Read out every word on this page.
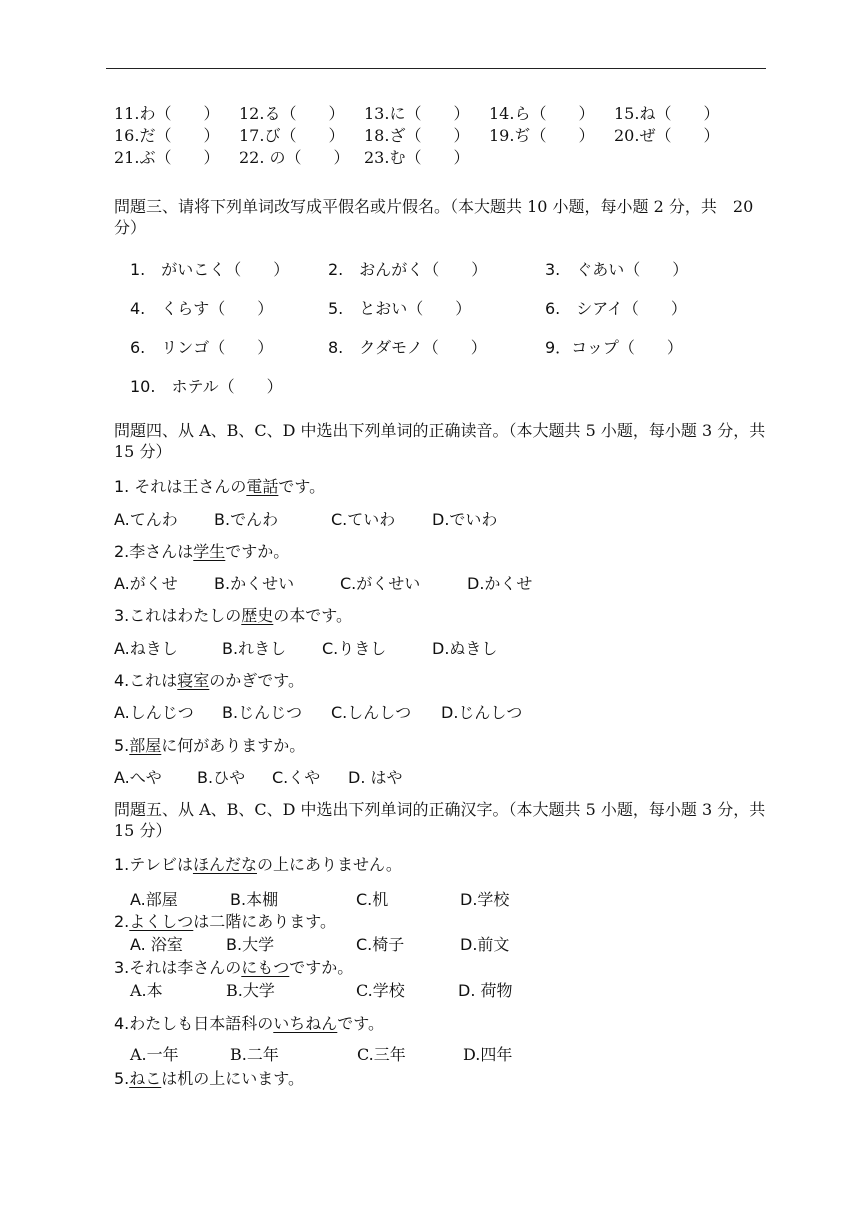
11.わ（　　） 12.る（　　） 13.に（　　） 14.ら（　　） 15.ね（　　）
16.だ（　　） 17.び（　　） 18.ざ（　　） 19.ぢ（　　） 20.ぜ（　　）
21.ぶ（　　） 22. の（　　） 23.む（　　）
問題三、请将下列单词改写成平假名或片假名。（本大题共 10 小题，每小题 2 分，共　20 分）
1.　がいこく（　　） 2.　おんがく（　　）	3.　ぐあい（　　）
4.　くらす（　　）	5.　とおい（　　）	6.　シアイ（　　）
6.　リンゴ（　　）	8.　クダモノ（　　）	9．コップ（　　）
10.　ホテル（　　）
問題四、从 A、B、C、D 中选出下列单词的正确读音。（本大题共 5 小题，每小题 3 分，共 15 分）
1. それは王さんの電話です。
A.てんわ B.でんわ	C.ていわ D.でいわ
2.李さんは学生ですか。
A.がくせ B.かくせい	C.がくせい	D.かくせ
3.これはわたしの歴史の本です。
A.ねきし	B.れきし C.りきし	D.ぬきし
4.これは寝室のかぎです。
A.しんじつ B.じんじつ C.しんしつ D.じんしつ
5.部屋に何がありますか。
A.へや B.ひや C.くや D. はや
問題五、从 A、B、C、D 中选出下列单词的正确汉字。（本大题共 5 小题，每小题 3 分，共 15 分）
1.テレビはほんだなの上にありません。
A.部屋	B.本棚	C.机	D.学校
2.よくしつは二階にあります。
A. 浴室	B.大学	C.椅子	D.前文
3.それは李さんのにもつですか。
A.本	B.大学	C.学校	D. 荷物
4.わたしも日本語科のいちねんです。
A.一年	B.二年	C.三年	D.四年
5.ねこは机の上にいます。
